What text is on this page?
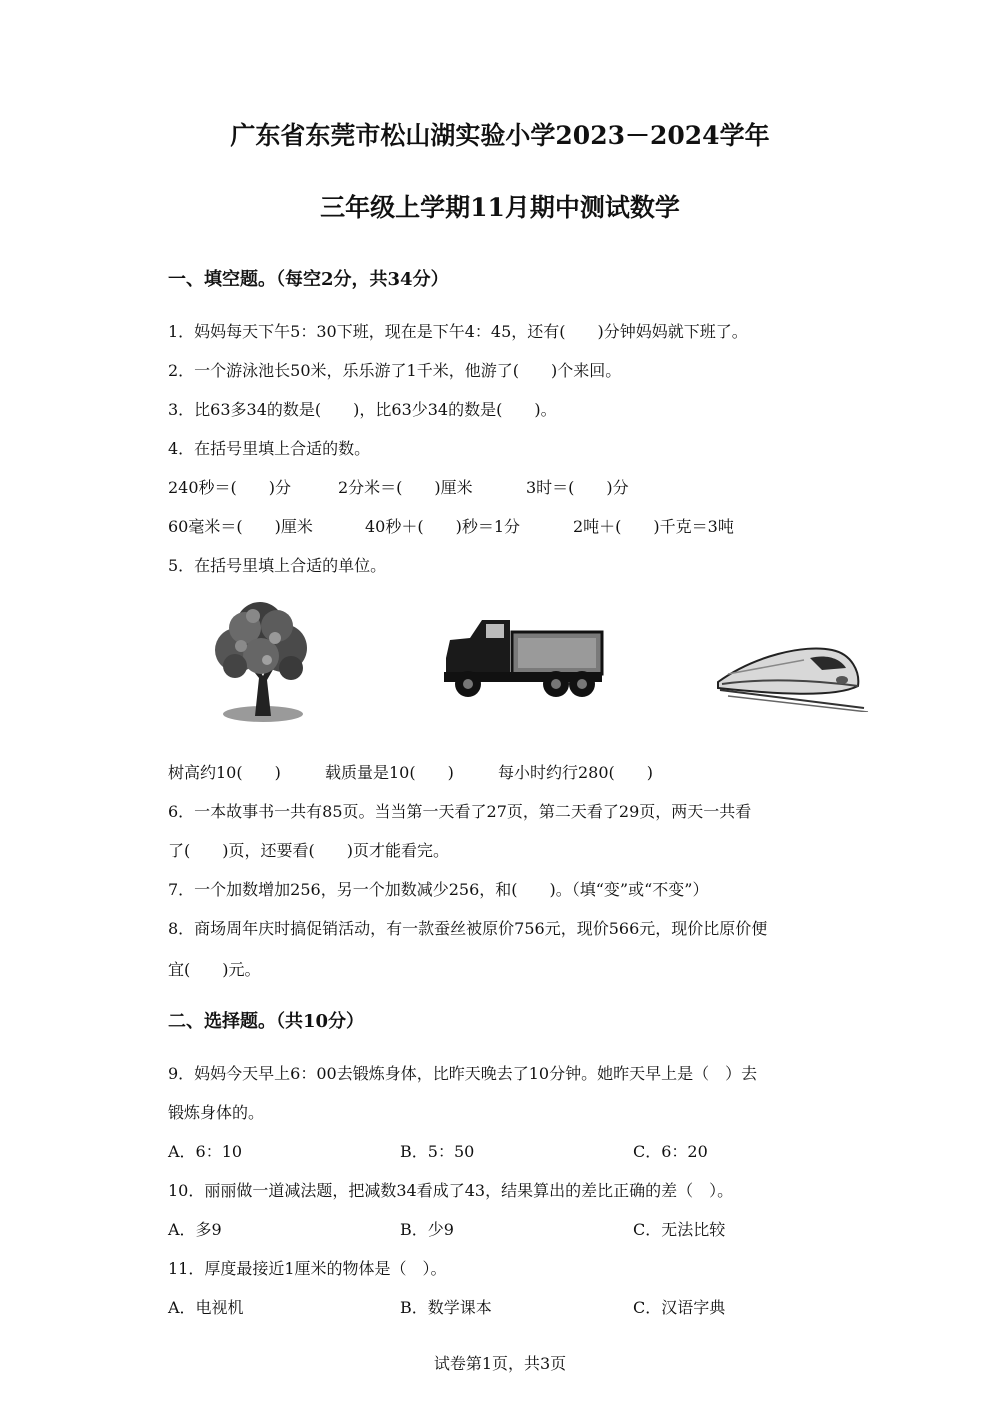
广东省东莞市松山湖实验小学2023－2024学年
三年级上学期11月期中测试数学
一、填空题。（每空2分，共34分）
1．妈妈每天下午5：30下班，现在是下午4：45，还有(　　)分钟妈妈就下班了。
2．一个游泳池长50米，乐乐游了1千米，他游了(　　)个来回。
3．比63多34的数是(　　)，比63少34的数是(　　)。
4．在括号里填上合适的数。
240秒＝(　　)分	2分米＝(　　)厘米	3时＝(　　)分
60毫米＝(　　)厘米	40秒＋(　　)秒＝1分	2吨＋(　　)千克＝3吨
5．在括号里填上合适的单位。
树高约10(　　)	载质量是10(　　)	每小时约行280(　　)
6．一本故事书一共有85页。当当第一天看了27页，第二天看了29页，两天一共看
了(　　)页，还要看(　　)页才能看完。
7．一个加数增加256，另一个加数减少256，和(　　)。（填“变”或“不变”）
8．商场周年庆时搞促销活动，有一款蚕丝被原价756元，现价566元，现价比原价便
宜(　　)元。
二、选择题。（共10分）
9．妈妈今天早上6：00去锻炼身体，比昨天晚去了10分钟。她昨天早上是（　）去
锻炼身体的。
A．6：10	B．5：50	C．6：20
10．丽丽做一道减法题，把减数34看成了43，结果算出的差比正确的差（　）。
A．多9	B．少9	C．无法比较
11．厚度最接近1厘米的物体是（　）。
A．电视机	B．数学课本	C．汉语字典
试卷第1页，共3页
